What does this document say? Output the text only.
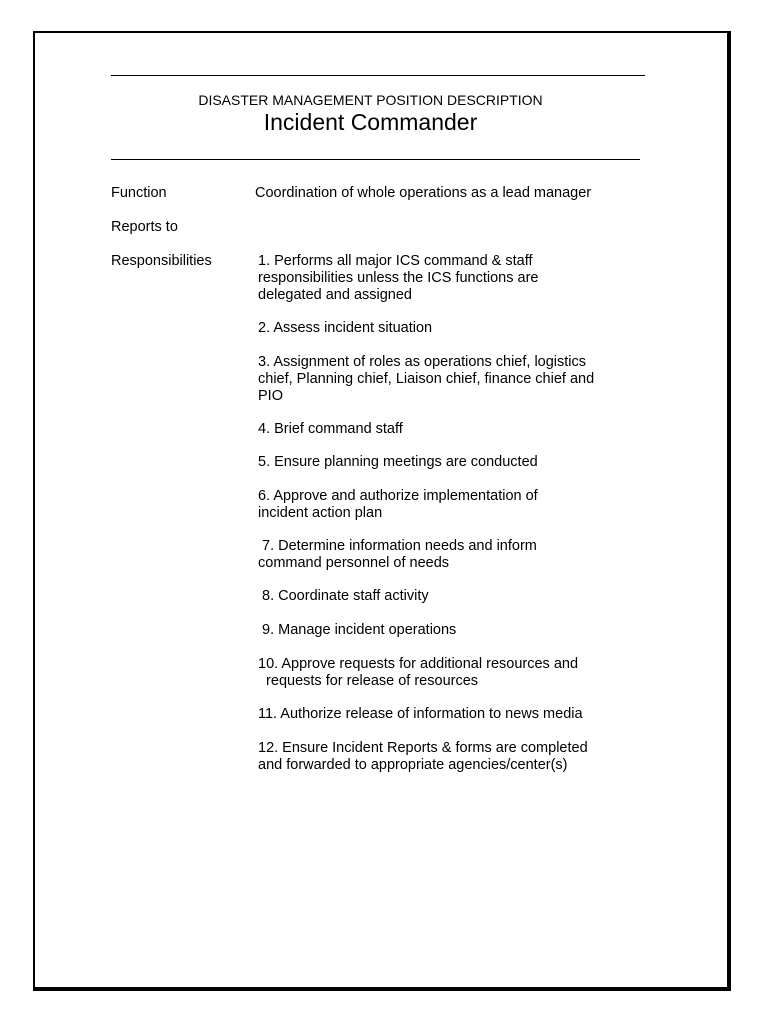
DISASTER MANAGEMENT POSITION DESCRIPTION
Incident Commander
Function	Coordination of whole operations as a lead manager
Reports to
Responsibilities	1. Performs all major ICS command & staff
responsibilities unless the ICS functions are
delegated and assigned
2. Assess incident situation
3. Assignment of roles as operations chief, logistics
chief, Planning chief, Liaison chief, finance chief and
PIO
4. Brief command staff
5. Ensure planning meetings are conducted
6. Approve and authorize implementation of
incident action plan
7. Determine information needs and inform
command personnel of needs
8. Coordinate staff activity
9. Manage incident operations
10. Approve requests for additional resources and
requests for release of resources
11. Authorize release of information to news media
12. Ensure Incident Reports & forms are completed
and forwarded to appropriate agencies/center(s)
